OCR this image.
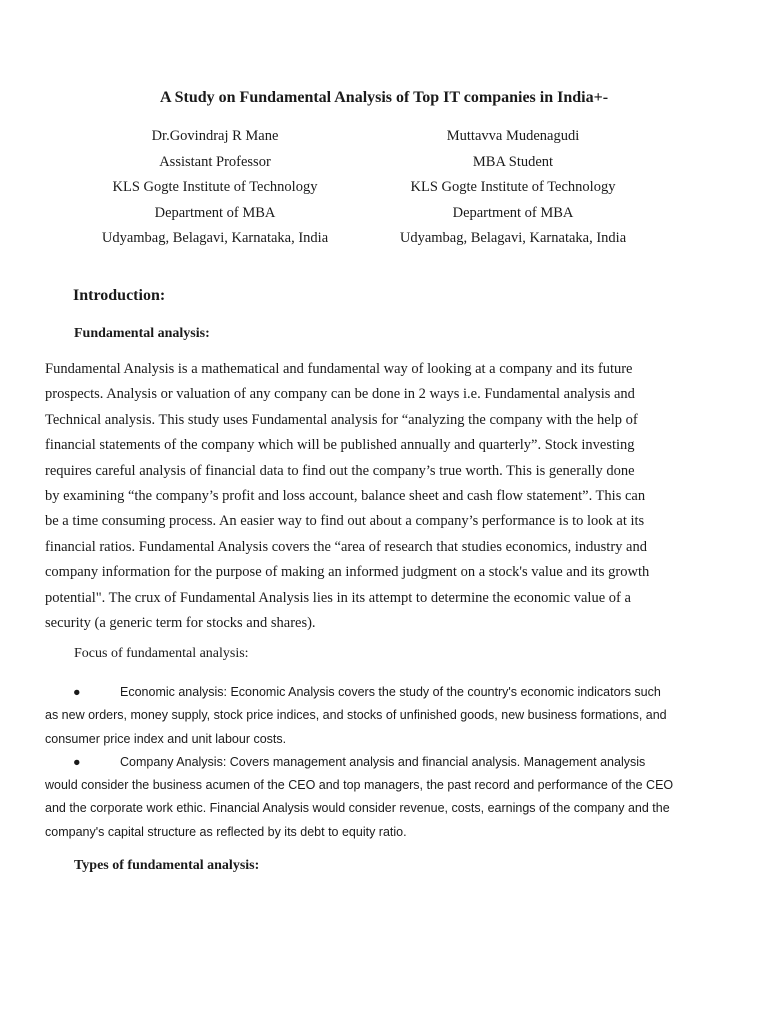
A Study on Fundamental Analysis of Top IT companies in India+-
Dr.Govindraj R Mane
Assistant Professor
KLS Gogte Institute of Technology
Department of MBA
Udyambag, Belagavi, Karnataka, India
Muttavva Mudenagudi
MBA Student
KLS Gogte Institute of Technology
Department of MBA
Udyambag, Belagavi, Karnataka, India
Introduction:
Fundamental analysis:
Fundamental Analysis is a mathematical and fundamental way of looking at a company and its future
prospects. Analysis or valuation of any company can be done in 2 ways i.e. Fundamental analysis and
Technical analysis. This study uses Fundamental analysis for “analyzing the company with the help of
financial statements of the company which will be published annually and quarterly”. Stock investing
requires careful analysis of financial data to find out the company’s true worth. This is generally done
by examining “the company’s profit and loss account, balance sheet and cash flow statement”. This can
be a time consuming process. An easier way to find out about a company’s performance is to look at its
financial ratios. Fundamental Analysis covers the “area of research that studies economics, industry and
company information for the purpose of making an informed judgment on a stock's value and its growth
potential". The crux of Fundamental Analysis lies in its attempt to determine the economic value of a
security (a generic term for stocks and shares).
Focus of fundamental analysis:
●	Economic analysis: Economic Analysis covers the study of the country's economic indicators such
as new orders, money supply, stock price indices, and stocks of unfinished goods, new business formations, and
consumer price index and unit labour costs.
●	Company Analysis: Covers management analysis and financial analysis. Management analysis
would consider the business acumen of the CEO and top managers, the past record and performance of the CEO
and the corporate work ethic. Financial Analysis would consider revenue, costs, earnings of the company and the
company's capital structure as reflected by its debt to equity ratio.
Types of fundamental analysis:
